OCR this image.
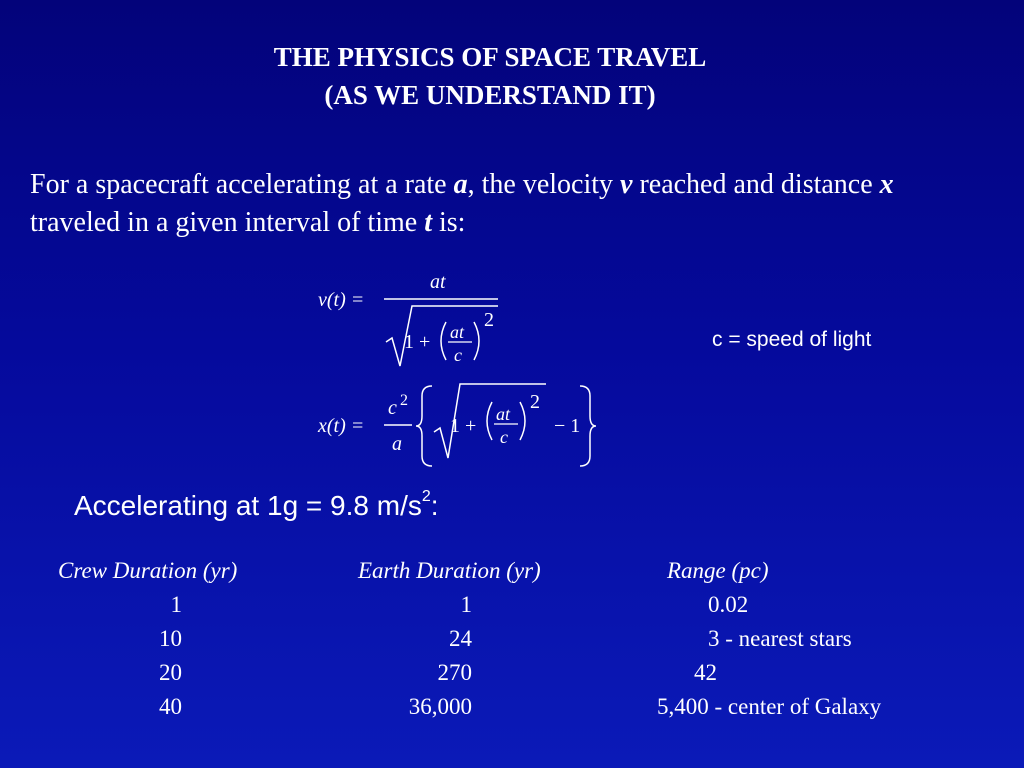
THE PHYSICS OF SPACE TRAVEL
(AS WE UNDERSTAND IT)
For a spacecraft accelerating at a rate a, the velocity v reached and distance x traveled in a given interval of time t is:
v(t) =
at
1 + at
c
2
x(t) =
c 2
a
1 +
at
c
2
− 1
c = speed of light
Accelerating at 1g = 9.8 $m/s^2$:
Crew Duration (yr)	Earth Duration (yr)	Range (pc)
1	1	0.02
10	24	3 - nearest stars
20	270	42
40	36,000	5,400 - center of Galaxy
